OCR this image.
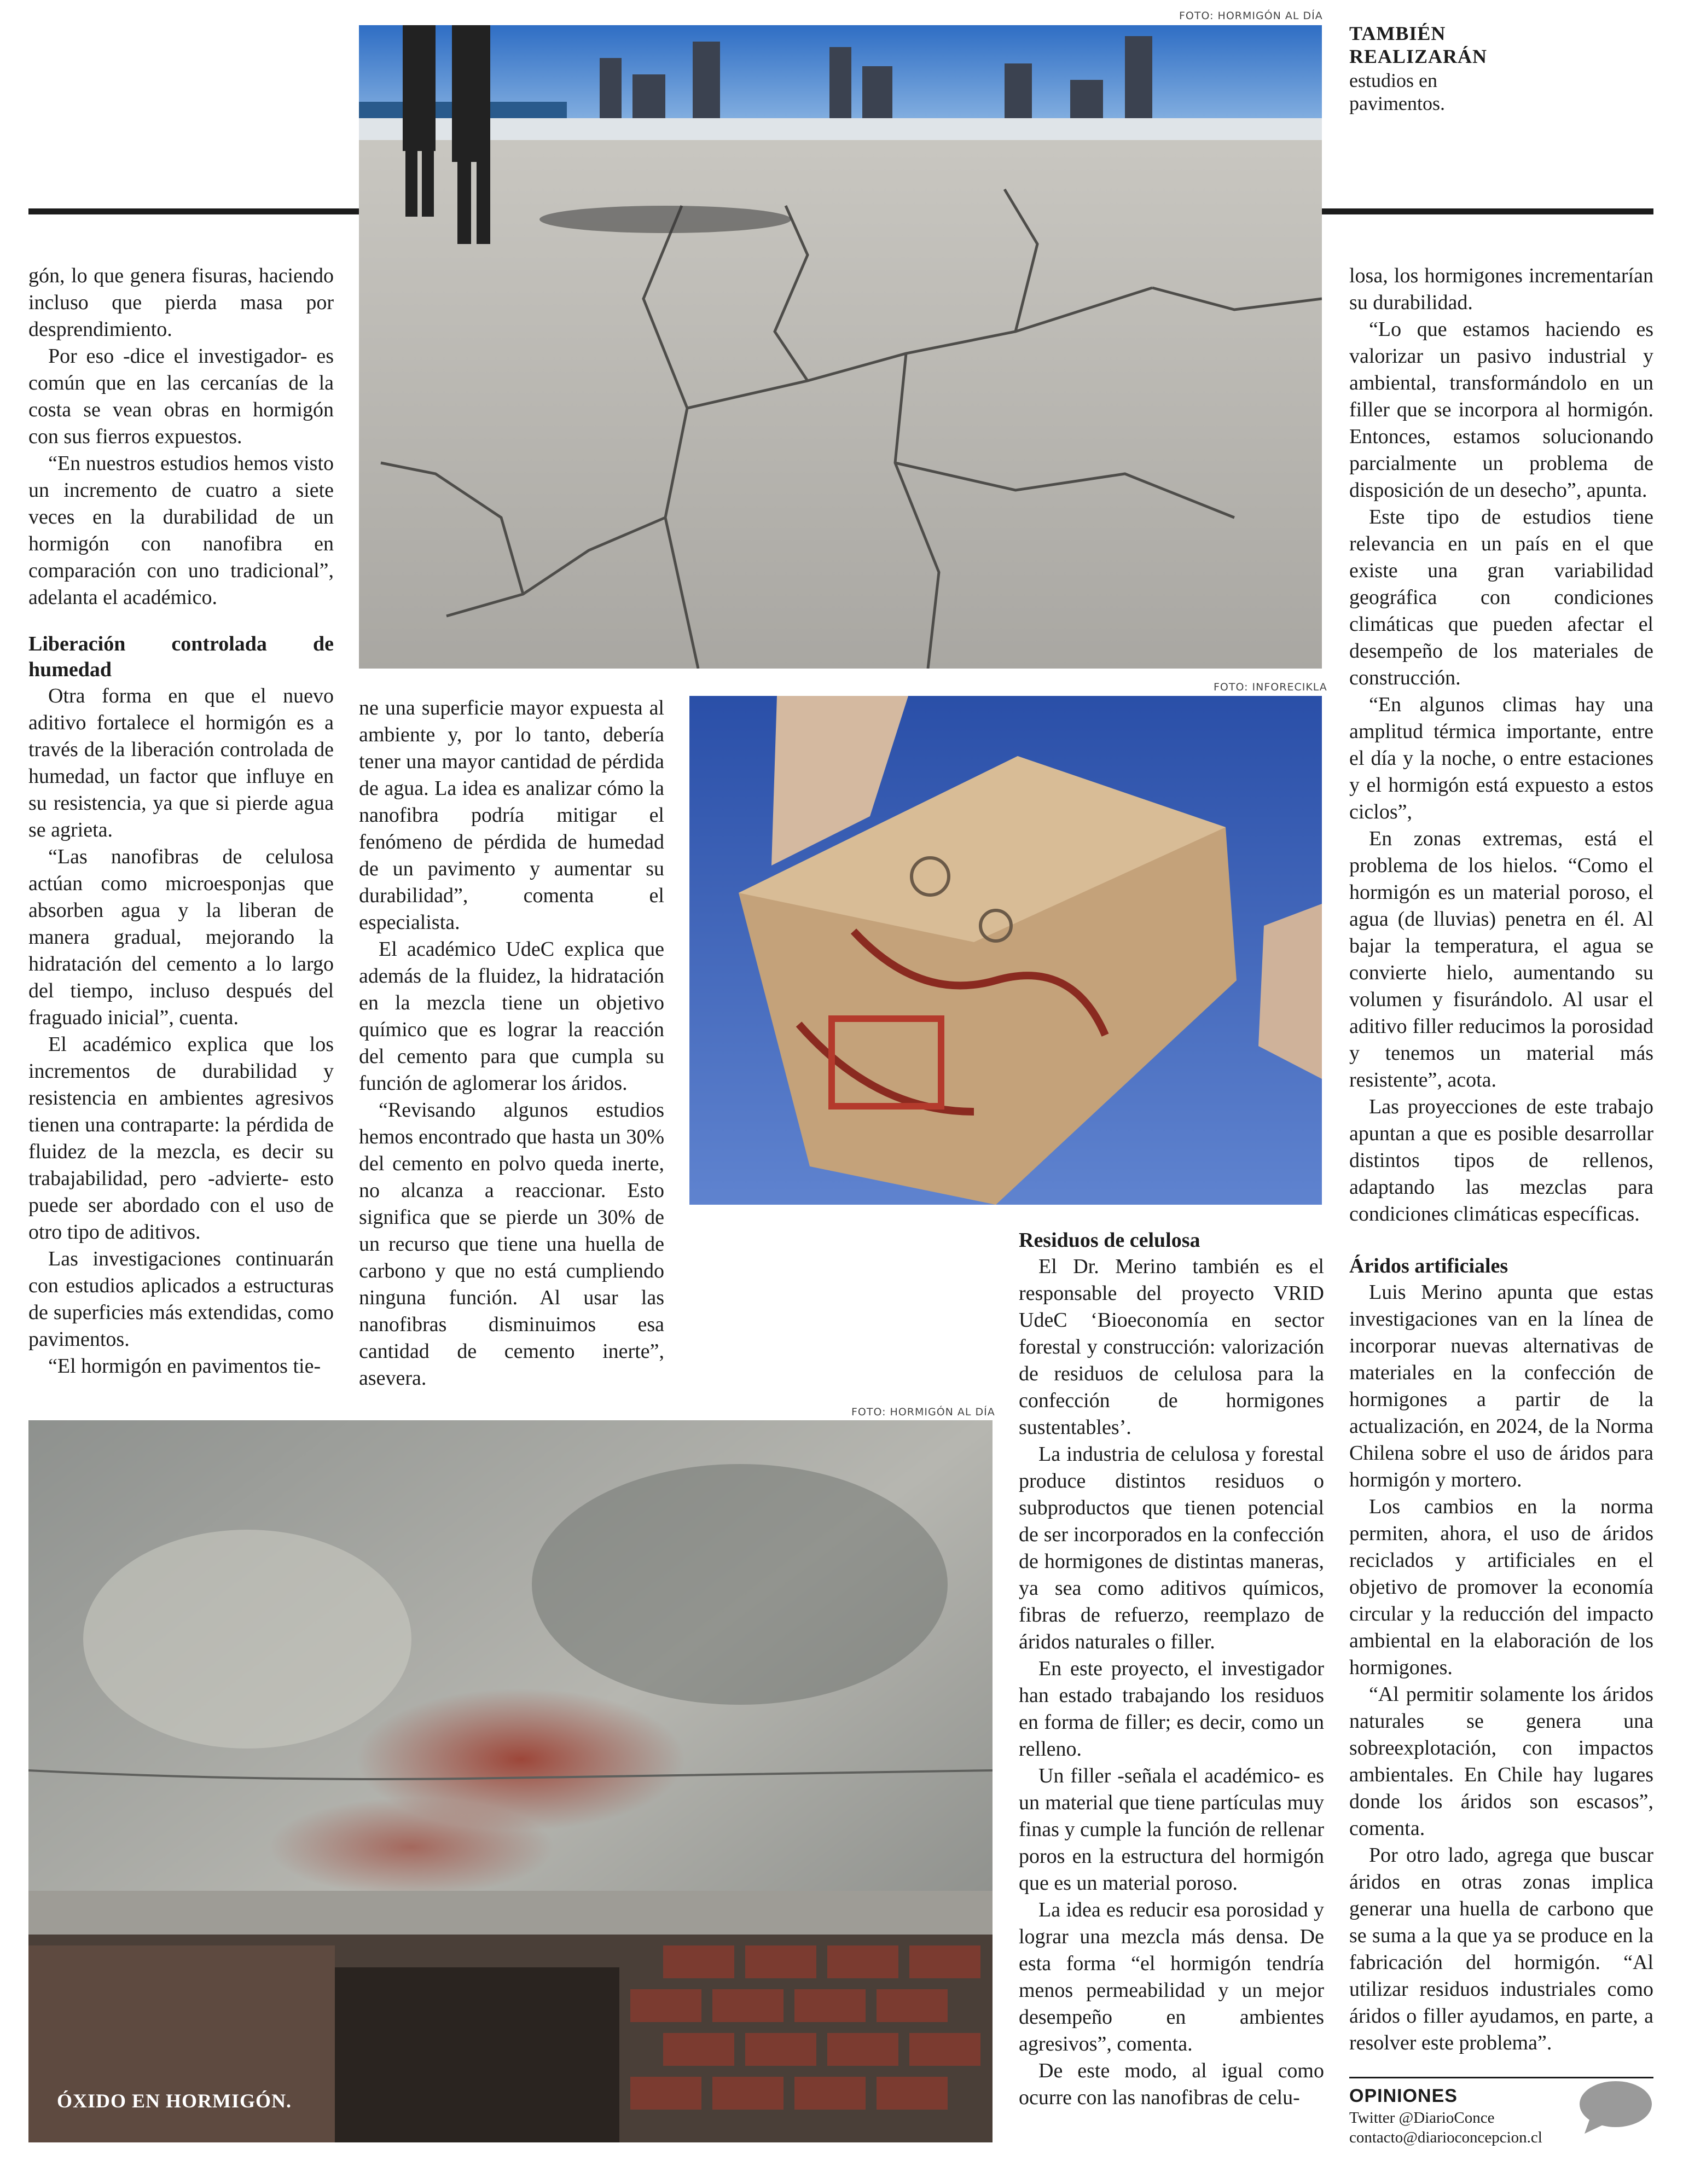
FOTO: HORMIGÓN AL DÍA
TAMBIÉN REALIZARÁN
estudios en pavimentos.

gón, lo que genera fisuras, haciendo incluso que pierda masa por desprendimiento.

Por eso -dice el investigador- es común que en las cercanías de la costa se vean obras en hormigón con sus fierros expuestos.

“En nuestros estudios hemos visto un incremento de cuatro a siete veces en la durabilidad de un hormigón con nanofibra en comparación con uno tradicional”, adelanta el académico.

Liberación controlada de humedad

Otra forma en que el nuevo aditivo fortalece el hormigón es a través de la liberación controlada de humedad, un factor que influye en su resistencia, ya que si pierde agua se agrieta.

“Las nanofibras de celulosa actúan como microesponjas que absorben agua y la liberan de manera gradual, mejorando la hidratación del cemento a lo largo del tiempo, incluso después del fraguado inicial”, cuenta.

El académico explica que los incrementos de durabilidad y resistencia en ambientes agresivos tienen una contraparte: la pérdida de fluidez de la mezcla, es decir su trabajabilidad, pero -advierte- esto puede ser abordado con el uso de otro tipo de aditivos.

Las investigaciones continuarán con estudios aplicados a estructuras de superficies más extendidas, como pavimentos.

“El hormigón en pavimentos tie-

ne una superficie mayor expuesta al ambiente y, por lo tanto, debería tener una mayor cantidad de pérdida de agua. La idea es analizar cómo la nanofibra podría mitigar el fenómeno de pérdida de humedad de un pavimento y aumentar su durabilidad”, comenta el especialista.

El académico UdeC explica que además de la fluidez, la hidratación en la mezcla tiene un objetivo químico que es lograr la reacción del cemento para que cumpla su función de aglomerar los áridos.

“Revisando algunos estudios hemos encontrado que hasta un 30% del cemento en polvo queda inerte, no alcanza a reaccionar. Esto significa que se pierde un 30% de un recurso que tiene una huella de carbono y que no está cumpliendo ninguna función. Al usar las nanofibras disminuimos esa cantidad de cemento inerte”, asevera.

FOTO: INFORECIKLA
Residuos de celulosa

El Dr. Merino también es el responsable del proyecto VRID UdeC ‘Bioeconomía en sector forestal y construcción: valorización de residuos de celulosa para la confección de hormigones sustentables’.

La industria de celulosa y forestal produce distintos residuos o subproductos que tienen potencial de ser incorporados en la confección de hormigones de distintas maneras, ya sea como aditivos químicos, fibras de refuerzo, reemplazo de áridos naturales o filler.

En este proyecto, el investigador han estado trabajando los residuos en forma de filler; es decir, como un relleno.

Un filler -señala el académico- es un material que tiene partículas muy finas y cumple la función de rellenar poros en la estructura del hormigón que es un material poroso.

La idea es reducir esa porosidad y lograr una mezcla más densa. De esta forma “el hormigón tendría menos permeabilidad y un mejor desempeño en ambientes agresivos”, comenta.

De este modo, al igual como ocurre con las nanofibras de celu-

losa, los hormigones incrementarían su durabilidad.

“Lo que estamos haciendo es valorizar un pasivo industrial y ambiental, transformándolo en un filler que se incorpora al hormigón. Entonces, estamos solucionando parcialmente un problema de disposición de un desecho”, apunta.

Este tipo de estudios tiene relevancia en un país en el que existe una gran variabilidad geográfica con condiciones climáticas que pueden afectar el desempeño de los materiales de construcción.

“En algunos climas hay una amplitud térmica importante, entre el día y la noche, o entre estaciones y el hormigón está expuesto a estos ciclos”,

En zonas extremas, está el problema de los hielos. “Como el hormigón es un material poroso, el agua (de lluvias) penetra en él. Al bajar la temperatura, el agua se convierte hielo, aumentando su volumen y fisurándolo. Al usar el aditivo filler reducimos la porosidad y tenemos un material más resistente”, acota.

Las proyecciones de este trabajo apuntan a que es posible desarrollar distintos tipos de rellenos, adaptando las mezclas para condiciones climáticas específicas.

Áridos artificiales

Luis Merino apunta que estas investigaciones van en la línea de incorporar nuevas alternativas de materiales en la confección de hormigones a partir de la actualización, en 2024, de la Norma Chilena sobre el uso de áridos para hormigón y mortero.

Los cambios en la norma permiten, ahora, el uso de áridos reciclados y artificiales en el objetivo de promover la economía circular y la reducción del impacto ambiental en la elaboración de los hormigones.

“Al permitir solamente los áridos naturales se genera una sobreexplotación, con impactos ambientales. En Chile hay lugares donde los áridos son escasos”, comenta.

Por otro lado, agrega que buscar áridos en otras zonas implica generar una huella de carbono que se suma a la que ya se produce en la fabricación del hormigón. “Al utilizar residuos industriales como áridos o filler ayudamos, en parte, a resolver este problema”.

FOTO: HORMIGÓN AL DÍA
ÓXIDO EN HORMIGÓN.	OPINIONES
Twitter @DiarioConce
contacto@diarioconcepcion.cl
